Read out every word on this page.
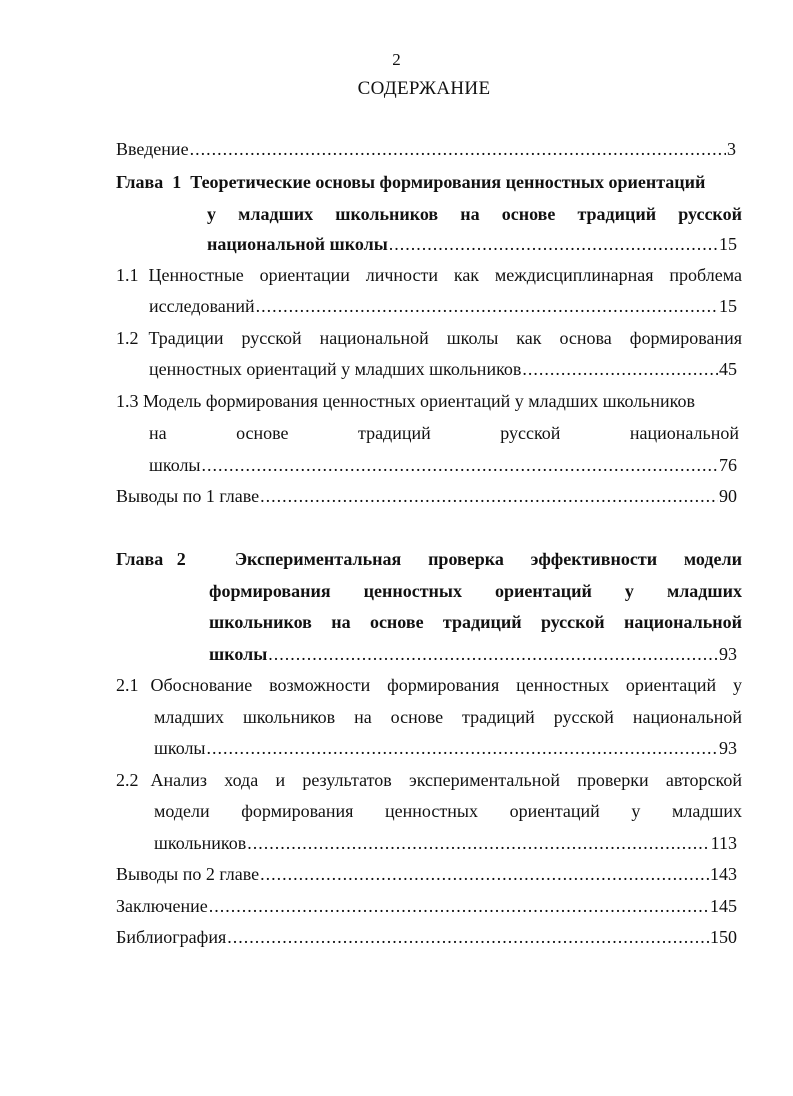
2
СОДЕРЖАНИЕ
Введение .....	3
Глава 1 Теоретические основы формирования ценностных ориентаций
у младших школьников на основе традиций русской
национальной школы .....	15
1.1 Ценностные ориентации личности как междисциплинарная проблема
исследований .....	15
1.2 Традиции русской национальной школы как основа формирования
ценностных ориентаций у младших школьников .....	45
1.3 Модель формирования ценностных ориентаций у младших школьников
на	основе	традиций	русской	национальной
школы .....	76
Выводы по 1 главе .....	90
Глава 2	Экспериментальная проверка эффективности модели
формирования ценностных ориентаций у младших
школьников на основе традиций русской национальной
школы .....	93
2.1 Обоснование возможности формирования ценностных ориентаций у
младших школьников на основе традиций русской национальной
школы .....	93
2.2 Анализ хода и результатов экспериментальной проверки авторской
модели формирования ценностных ориентаций у младших
школьников .....	113
Выводы по 2 главе .....	143
Заключение .....	145
Библиография .....	150
